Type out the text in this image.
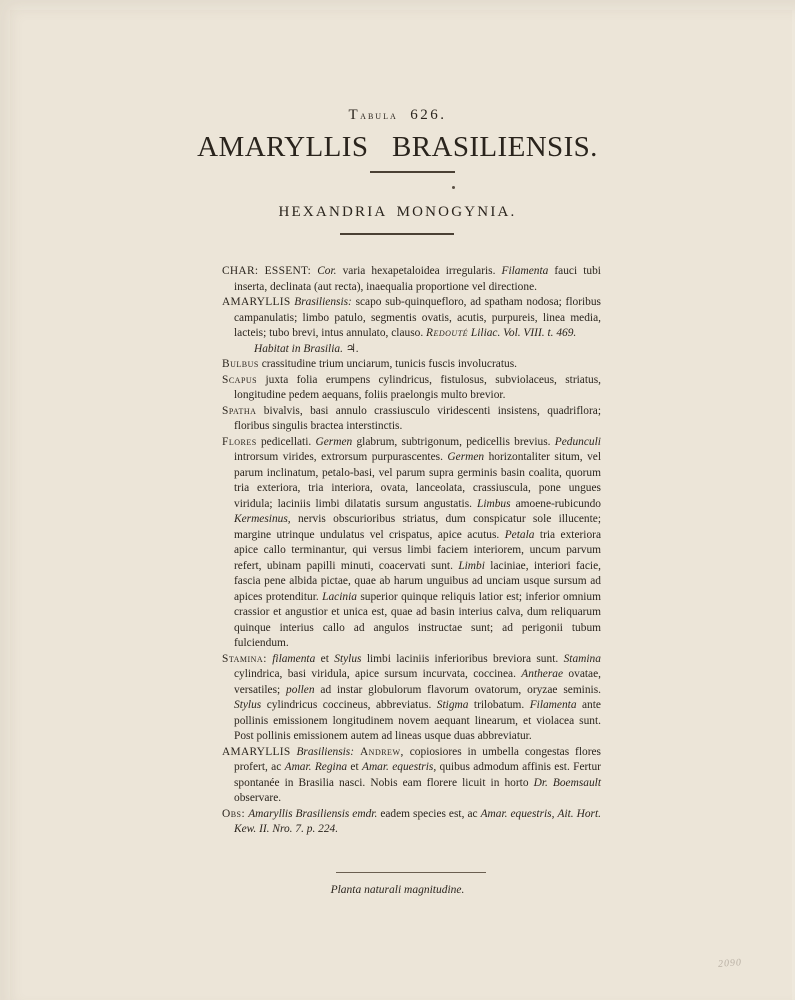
Tabula 626.
AMARYLLIS BRASILIENSIS.
HEXANDRIA MONOGYNIA.

CHAR: ESSENT: Cor. varia hexapetaloidea irregularis. Filamenta fauci tubi inserta, declinata (aut recta), inaequalia proportione vel directione.

AMARYLLIS Brasiliensis: scapo sub-quinquefloro, ad spatham nodosa; floribus campanulatis; limbo patulo, segmentis ovatis, acutis, purpureis, linea media, lacteis; tubo brevi, intus annulato, clauso. Redouté Liliac. Vol. VIII. t. 469.

Habitat in Brasilia. ♃.

Bulbus crassitudine trium unciarum, tunicis fuscis involucratus.

Scapus juxta folia erumpens cylindricus, fistulosus, subviolaceus, striatus, longitudine pedem aequans, foliis praelongis multo brevior.

Spatha bivalvis, basi annulo crassiusculo viridescenti insistens, quadriflora; floribus singulis bractea interstinctis.

Flores pedicellati. Germen glabrum, subtrigonum, pedicellis brevius. Pedunculi introrsum virides, extrorsum purpurascentes. Germen horizontaliter situm, vel parum inclinatum, petalo-basi, vel parum supra germinis basin coalita, quorum tria exteriora, tria interiora, ovata, lanceolata, crassiuscula, pone ungues viridula; laciniis limbi dilatatis sursum angustatis. Limbus amoene-rubicundo Kermesinus, nervis obscurioribus striatus, dum conspicatur sole illucente; margine utrinque undulatus vel crispatus, apice acutus. Petala tria exteriora apice callo terminantur, qui versus limbi faciem interiorem, uncum parvum refert, ubinam papilli minuti, coacervati sunt. Limbi laciniae, interiori facie, fascia pene albida pictae, quae ab harum unguibus ad unciam usque sursum ad apices protenditur. Lacinia superior quinque reliquis latior est; inferior omnium crassior et angustior et unica est, quae ad basin interius calva, dum reliquarum quinque interius callo ad angulos instructae sunt; ad perigonii tubum fulciendum.

Stamina: filamenta et Stylus limbi laciniis inferioribus breviora sunt. Stamina cylindrica, basi viridula, apice sursum incurvata, coccinea. Antherae ovatae, versatiles; pollen ad instar globulorum flavorum ovatorum, oryzae seminis. Stylus cylindricus coccineus, abbreviatus. Stigma trilobatum. Filamenta ante pollinis emissionem longitudinem novem aequant linearum, et violacea sunt. Post pollinis emissionem autem ad lineas usque duas abbreviatur.

AMARYLLIS Brasiliensis: Andrew, copiosiores in umbella congestas flores profert, ac Amar. Regina et Amar. equestris, quibus admodum affinis est. Fertur spontanée in Brasilia nasci. Nobis eam florere licuit in horto Dr. Boemsault observare.

Obs: Amaryllis Brasiliensis emdr. eadem species est, ac Amar. equestris, Ait. Hort. Kew. II. Nro. 7. p. 224.

Planta naturali magnitudine.
2090
